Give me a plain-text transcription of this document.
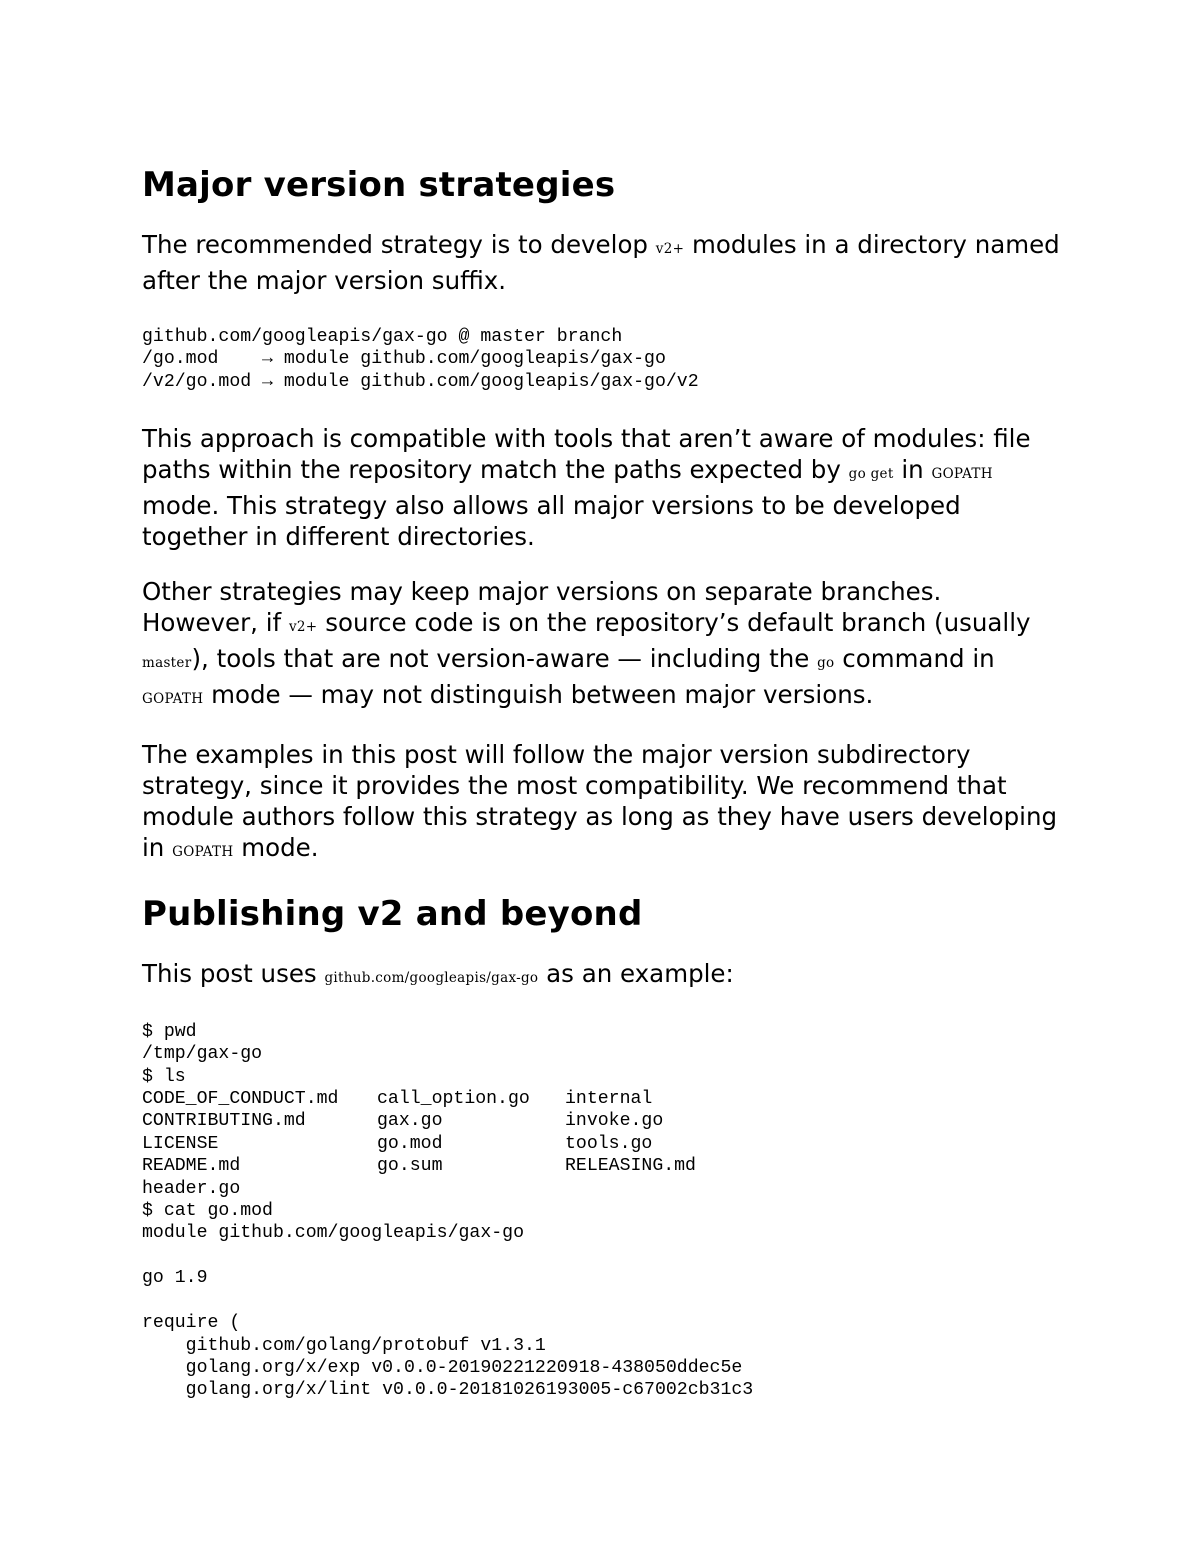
Major version strategies

The recommended strategy is to develop v2+ modules in a directory named after the major version suffix.

github.com/googleapis/gax-go @ master branch
/go.mod    → module github.com/googleapis/gax-go
/v2/go.mod → module github.com/googleapis/gax-go/v2

This approach is compatible with tools that aren’t aware of modules: file paths within the repository match the paths expected by go get in GOPATH mode. This strategy also allows all major versions to be developed together in different directories.

Other strategies may keep major versions on separate branches. However, if v2+ source code is on the repository’s default branch (usually master), tools that are not version-aware — including the go command in GOPATH mode — may not distinguish between major versions.

The examples in this post will follow the major version subdirectory strategy, since it provides the most compatibility. We recommend that module authors follow this strategy as long as they have users developing in GOPATH mode.

Publishing v2 and beyond

This post uses github.com/googleapis/gax-go as an example:

$ pwd
/tmp/gax-go
$ ls
CODE_OF_CONDUCT.md call_option.go internal
CONTRIBUTING.md	gax.go	invoke.go
LICENSE	go.mod	tools.go
README.md	go.sum	RELEASING.md
header.go
$ cat go.mod
module github.com/googleapis/gax-go

go 1.9

require (
github.com/golang/protobuf v1.3.1
golang.org/x/exp v0.0.0-20190221220918-438050ddec5e
golang.org/x/lint v0.0.0-20181026193005-c67002cb31c3
